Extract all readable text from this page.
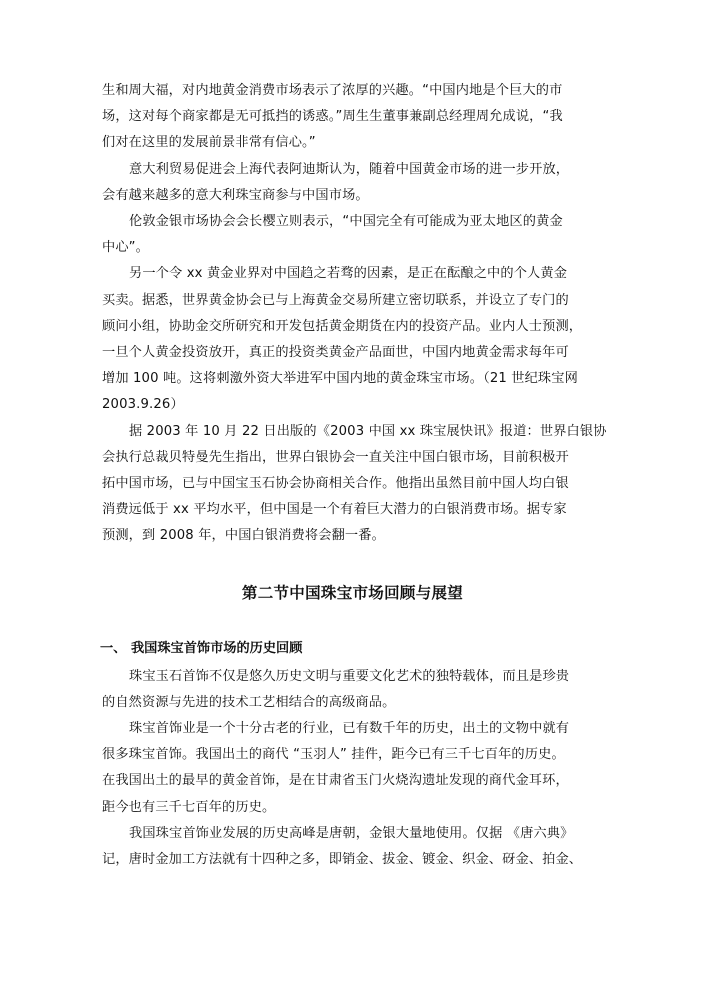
生和周大福，对内地黄金消费市场表示了浓厚的兴趣。“中国内地是个巨大的市
场，这对每个商家都是无可抵挡的诱惑。”周生生董事兼副总经理周允成说，“我
们对在这里的发展前景非常有信心。”

意大利贸易促进会上海代表阿迪斯认为，随着中国黄金市场的进一步开放，
会有越来越多的意大利珠宝商参与中国市场。

伦敦金银市场协会会长樱立则表示，“中国完全有可能成为亚太地区的黄金
中心”。

另一个令 xx 黄金业界对中国趋之若骛的因素，是正在酝酿之中的个人黄金
买卖。据悉，世界黄金协会已与上海黄金交易所建立密切联系，并设立了专门的
顾问小组，协助金交所研究和开发包括黄金期货在内的投资产品。业内人士预测，
一旦个人黄金投资放开，真正的投资类黄金产品面世，中国内地黄金需求每年可
增加 100 吨。这将刺激外资大举进军中国内地的黄金珠宝市场。（21 世纪珠宝网
2003.9.26）

据 2003 年 10 月 22 日出版的《2003 中国 xx 珠宝展快讯》报道：世界白银协
会执行总裁贝特曼先生指出，世界白银协会一直关注中国白银市场，目前积极开
拓中国市场，已与中国宝玉石协会协商相关合作。他指出虽然目前中国人均白银
消费远低于 xx 平均水平，但中国是一个有着巨大潜力的白银消费市场。据专家
预测，到 2008 年，中国白银消费将会翻一番。

第二节中国珠宝市场回顾与展望
一、 我国珠宝首饰市场的历史回顾

珠宝玉石首饰不仅是悠久历史文明与重要文化艺术的独特载体，而且是珍贵
的自然资源与先进的技术工艺相结合的高级商品。

珠宝首饰业是一个十分古老的行业，已有数千年的历史，出土的文物中就有
很多珠宝首饰。我国出土的商代 “玉羽人” 挂件，距今已有三千七百年的历史。
在我国出土的最早的黄金首饰，是在甘肃省玉门火烧沟遗址发现的商代金耳环，
距今也有三千七百年的历史。

我国珠宝首饰业发展的历史高峰是唐朝，金银大量地使用。仅据 《唐六典》
记，唐时金加工方法就有十四种之多，即销金、拔金、镀金、织金、砑金、拍金、
